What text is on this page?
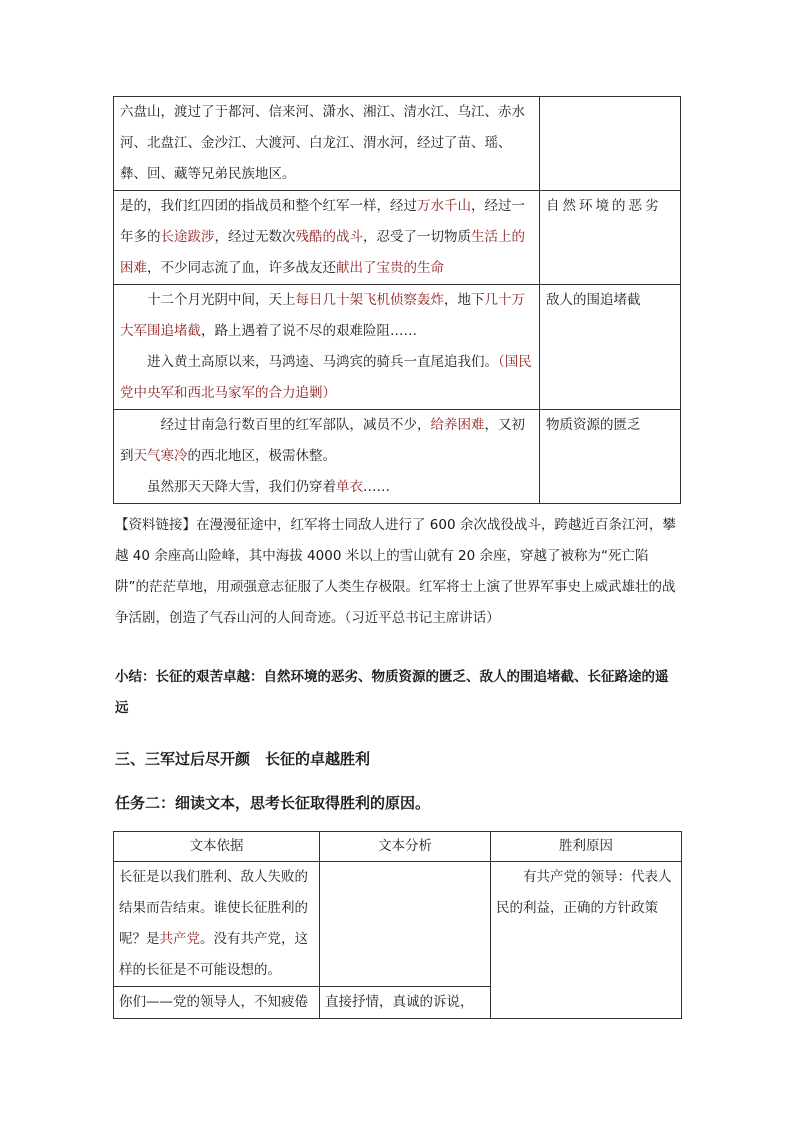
六盘山，渡过了于都河、信来河、潇水、湘江、清水江、乌江、赤水河、北盘江、金沙江、大渡河、白龙江、渭水河，经过了苗、瑶、彝、回、藏等兄弟民族地区。	
是的，我们红四团的指战员和整个红军一样，经过万水千山，经过一年多的长途跋涉，经过无数次残酷的战斗，忍受了一切物质生活上的困难，不少同志流了血，许多战友还献出了宝贵的生命	自然环境的恶劣

十二个月光阴中间，天上每日几十架飞机侦察轰炸，地下几十万大军围追堵截，路上遇着了说不尽的艰难险阻……
进入黄土高原以来，马鸿逵、马鸿宾的骑兵一直尾追我们。（国民党中央军和西北马家军的合力追剿）	敌人的围追堵截

经过甘南急行数百里的红军部队，减员不少，给养困难，又初到天气寒冷的西北地区，极需休整。
虽然那天天降大雪，我们仍穿着单衣……	物质资源的匮乏
【资料链接】在漫漫征途中，红军将士同敌人进行了 600 余次战役战斗，跨越近百条江河，攀越 40 余座高山险峰，其中海拔 4000 米以上的雪山就有 20 余座，穿越了被称为“死亡陷阱”的茫茫草地，用顽强意志征服了人类生存极限。红军将士上演了世界军事史上威武雄壮的战争活剧，创造了气吞山河的人间奇迹。（习近平总书记主席讲话）
小结：长征的艰苦卓越：自然环境的恶劣、物质资源的匮乏、敌人的围追堵截、长征路途的遥远
三、三军过后尽开颜　长征的卓越胜利
任务二：细读文本，思考长征取得胜利的原因。
文本依据	文本分析	胜利原因
长征是以我们胜利、敌人失败的结果而告结束。谁使长征胜利的呢？是共产党。没有共产党，这样的长征是不可能设想的。		有共产党的领导：代表人民的利益，正确的方针政策
你们——党的领导人，不知疲倦	直接抒情，真诚的诉说，	
